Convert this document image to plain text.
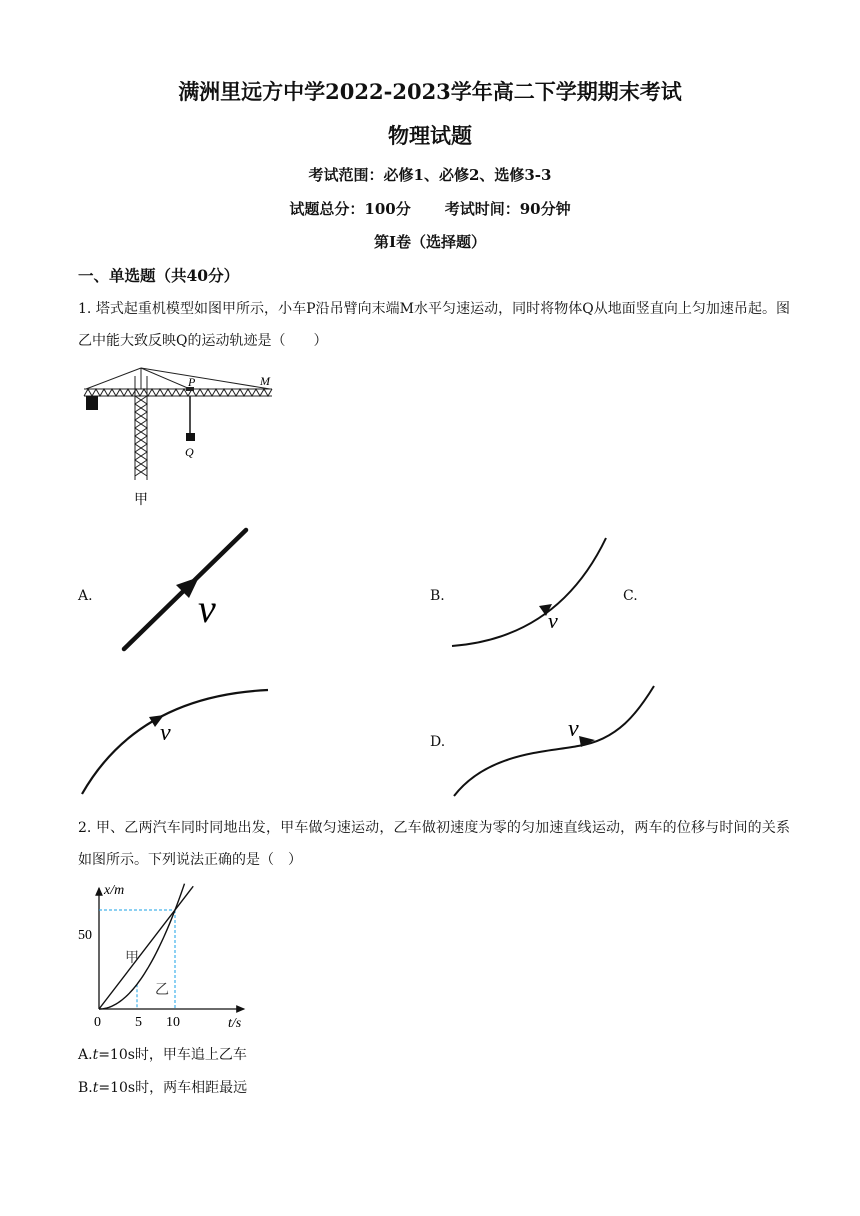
满洲里远方中学2022-2023学年高二下学期期末考试
物理试题
考试范围：必修1、必修2、选修3-3
试题总分：100分 考试时间：90分钟
第Ⅰ卷（选择题）
一、单选题（共40分）
1. 塔式起重机模型如图甲所示，小车P沿吊臂向末端M水平匀速运动，同时将物体Q从地面竖直向上匀加速吊起。图乙中能大致反映Q的运动轨迹是（　　）
P	M
Q
甲
A.	v	B.
v
C.
v	D.	v
2. 甲、乙两汽车同时同地出发，甲车做匀速运动，乙车做初速度为零的匀加速直线运动，两车的位移与时间的关系如图所示。下列说法正确的是（　）
x/m
t/s
0 5 10
50
甲
乙
A.t=10s时，甲车追上乙车
B.t=10s时，两车相距最远
